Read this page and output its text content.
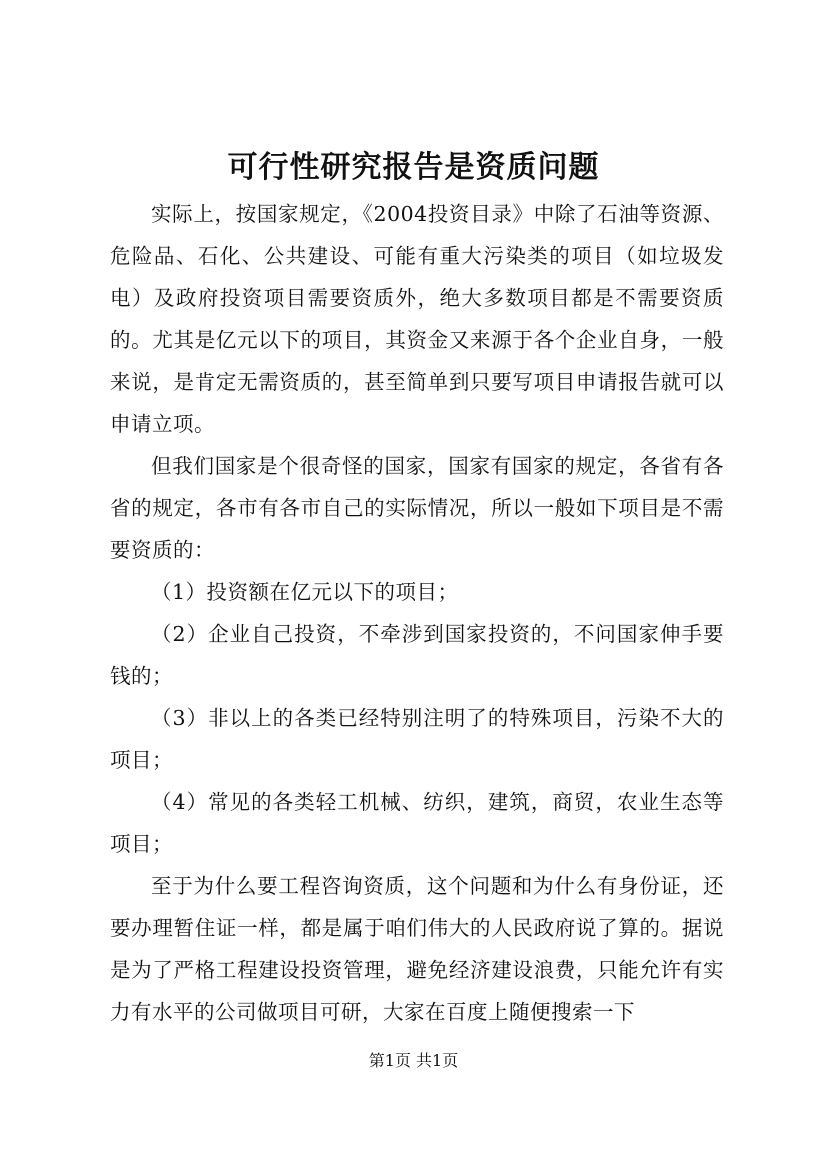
可行性研究报告是资质问题

实际上，按国家规定，《2004投资目录》中除了石油等资源、危险品、石化、公共建设、可能有重大污染类的项目（如垃圾发电）及政府投资项目需要资质外，绝大多数项目都是不需要资质的。尤其是亿元以下的项目，其资金又来源于各个企业自身，一般来说，是肯定无需资质的，甚至简单到只要写项目申请报告就可以申请立项。

但我们国家是个很奇怪的国家，国家有国家的规定，各省有各省的规定，各市有各市自己的实际情况，所以一般如下项目是不需要资质的：

（1）投资额在亿元以下的项目；

（2）企业自己投资，不牵涉到国家投资的，不问国家伸手要钱的；

（3）非以上的各类已经特别注明了的特殊项目，污染不大的项目；

（4）常见的各类轻工机械、纺织，建筑，商贸，农业生态等项目；

至于为什么要工程咨询资质，这个问题和为什么有身份证，还要办理暂住证一样，都是属于咱们伟大的人民政府说了算的。据说是为了严格工程建设投资管理，避免经济建设浪费，只能允许有实力有水平的公司做项目可研，大家在百度上随便搜索一下

第1页 共1页
